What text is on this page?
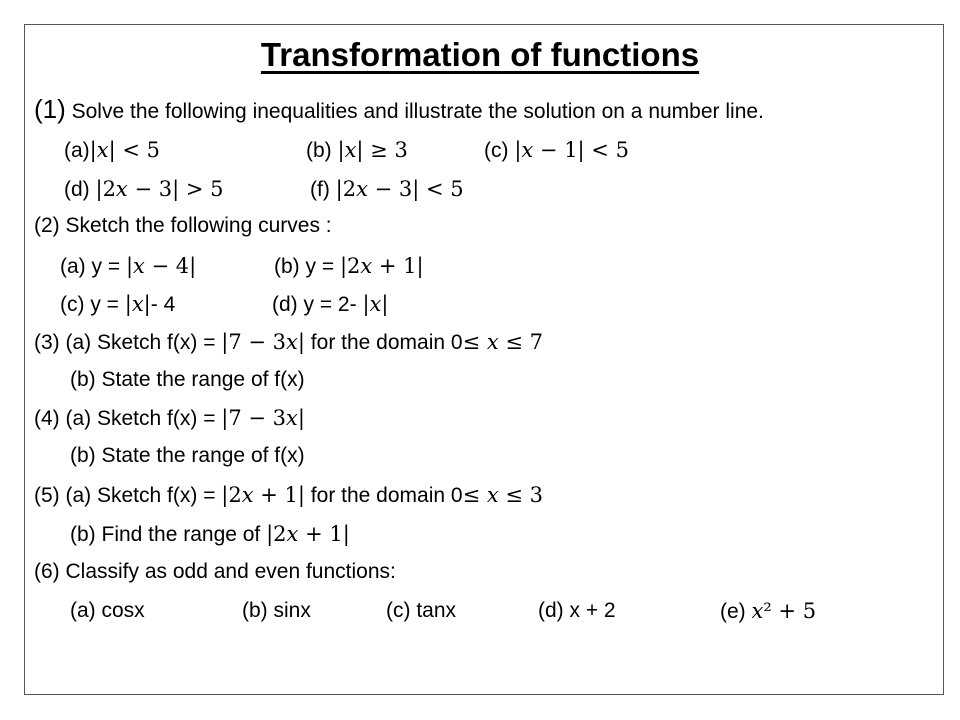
Transformation of functions
(1) Solve the following inequalities and illustrate the solution on a number line.
(a)|𝑥| < 5	(b) |𝑥| ≥ 3	(c) |𝑥 − 1| < 5
(d) |2𝑥 − 3| > 5	(f) |2𝑥 − 3| < 5
(2) Sketch the following curves :
(a) y = |𝑥 − 4|	(b) y = |2𝑥 + 1|
(c) y = |𝑥|- 4	(d) y = 2- |𝑥|
(3) (a) Sketch f(x) = |7 − 3𝑥| for the domain 0≤ 𝑥 ≤ 7
(b) State the range of f(x)
(4) (a) Sketch f(x) = |7 − 3𝑥|
(b) State the range of f(x)
(5) (a) Sketch f(x) = |2𝑥 + 1| for the domain 0≤ 𝑥 ≤ 3
(b) Find the range of |2𝑥 + 1|
(6) Classify as odd and even functions:
(a) cosx	(b) sinx	(c) tanx	(d) x + 2	(e) 𝑥² + 5
